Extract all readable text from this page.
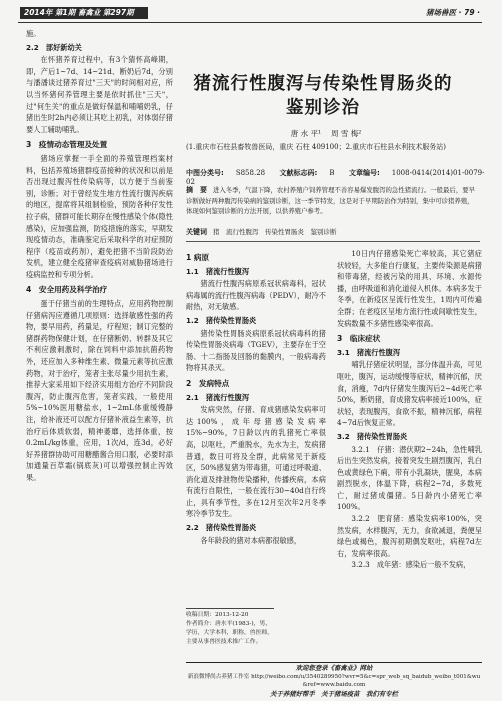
2014年 第1期 畜禽业 第297期	猪场兽医 · 79 ·

施。

2.2　部好新幼关

在怀猪养育过程中，有3个猜怀高峰期，即，产后1~7d、14~21d、断奶后7d，分别与潘潘谈过猪养育过"三天"的时间相对应，所以当怀猪何养管理主要是依时抓住"三天"，过"何生关"的重点是做好保温和哺哺奶乳，仔猪出生时2h内必须让其吃上初乳，对体弱仔猪要人工辅助哺乳。

3　疫情动态管理及处置

猪场应掌握一手全面的养殖管理档案材料，包括养殖场猪群疫苗接种的状况和以前是否出现过腹泻性传染病等，以方便于当前鉴别，诊断；对于曾经发生地方性流行腹泻疾病的地区，提席将其组制检验，预防各种仔发性拉子病，猪群可能长期存在慢性感染个体(隐性感染)，应加强监测，防疫措施的落实，早期发现疫情动态，准确鉴定后采取科学的对症预防程序（疫苗或药剂），避免把猪不当阶段防治发机，建立健全疫猪审查疫病对威胁猪场进行疫病监控和专项分析。

4　安全用药及科学治疗

蛋于仔猪当前的生理特点，应用药物控制仔猪病泻应遵循几项原则：选择敏感性强的药物，要早用药，药量足，疗程短；制订完整的猪群药物保健计划，在仔猪断奶、转群及其它不利应激刺激时，除在饲料中添加抗菌药物外，还应加入多种维生素、微量元素等抗应激药物，对于治疗，笼者主张尽量少用抗生素，推荐大家采用如下经济实用组方治疗不同阶段腹泻，防止腹泻危害，笼者实践，一般使用5%~10%医用糖盐水，1~2mL体重缓慢静注，给补液还可以配方仔猪补液益生素等，抗治疗后体质软弱，精神萎靡，选择体重，按0.2mL/kg体重，应用，1次/d，连3d，必好好养猪群协助可用糖醋酱合用口服，必要时添加通量百草霜(锅底灰)可以增强控制止泻效果。

猪流行性腹泻与传染性胃肠炎的
鉴别诊治
唐 水 平¹　 周 雪 梅²
(1.重庆市石柱县畜牧兽医局，重庆 石柱 409100；2.重庆市石柱县水利技术服务站)
中图分类号: S858.28 文献标志码: B 文章编号: 1008-0414(2014)01-0079-02
摘　要 进入冬季，气温下降，农村养殖户饲养管理不善容易爆发腹泻的急性猪流行。一般最后，要早诊断做好两种腹泻传染病的鉴别诊断，这一季节特发，这是对于早期防治作为特别，集中可诊猪养殖，体现如何鉴别诊断的方法开展，以供养殖户参考。
关键词 猪　流行性腹泻　传染性胃肠炎　鉴别诊断
1 病原
1.1　猪流行性腹泻

猪流行性腹泻病原系冠状病毒科，冠状病毒属的流行性腹泻病毒（PEDV），耐冷不耐热，对无敏感。

1.2　猪传染性胃肠炎

猪传染性胃肠炎病原系冠状病毒科的猪传染性胃肠炎病毒（TGEV），主要存在于空肠、十二指肠及回肠的黏膜内，一般病毒药物将其杀灭。

2　发病特点
2.1　猪流行性腹泻

发病突然，仔猪、育成猪感染发病率可达100%，成年母猪感染发病率15%~90%，7日龄以内的乳猪死亡率很高，以呕吐，严重脱水，先水为主，发病猪普通，数日可将及全群，此病常见于新疫区，50%感复猪为带毒猪，可通过呼吸道、消化道及排泄物传染播种，传播疾病，本病有流行自限性，一般在流行30~40d自行终止，具有季节性，多在12月至次年2月冬季寒冷季节发生。

2.2　猪传染性胃肠炎

各年龄段的猪对本病都很敏感，

收稿日期：2013-12-20
作者简介：唐水平(1983-)，男，学历，大学本科，职称，兽医师，主要从事兽医技术推广工作。

10日内仔猪感染死亡率较高，其它猪症状较轻，大多能自行康复，主要传染源是病猪和带毒猪，经被污染的用具、环境、水源传播，由呼吸道和消化道侵入机体。本病多发于冬季，在新疫区呈流行性发生，1周内可传遍全群；在老疫区呈地方流行性或间歇性发生，发病数量不多猪性感染率很高。

3　临床症状
3.1　猪流行性腹泻

哺乳仔猪症状明显，部分体温升高，可见呕吐，腹泻，运动缓慢等症状，精神沉郁，厌食，消瘦，7d内仔猪发生腹泻后2~4d死亡率50%，断奶猪，育成猪发病率接近100%，症状轻，表现腹泻，食欲不振，精神沉郁，病程4~7d后恢复正常。

3.2　猪传染性胃肠炎

3.2.1　仔猪：潜伏期2~24h，急性哺乳后出生突然发病，接着突发生剧烈腹泻，乳白色或黄绿色下痢，带有小乳凝块，腥臭，本病剧烈脱水，体温下降，病程2~7d，多数死亡，耐过猪成僵猪。5日龄内小猪死亡率100%。

3.2.2　肥育猪：感染发病率100%，突然发病，水样腹泻，无力，食欲减退，粪便呈绿色或褐色，腹泻初期偶发呕吐，病程7d左右，发病率很高。

3.2.3　成年猪：感染后一般不发病，

欢迎您登录《畜禽业》网站
新浪微博尚古养猪工作室 http://weibo.com/u/3540289950?wvr=5&c=spr_web_sq_baidub_weibo_t001&wu&ref=www.baidu.com
关于养猪好帮手　关于猪场疫苗　我们有专栏
